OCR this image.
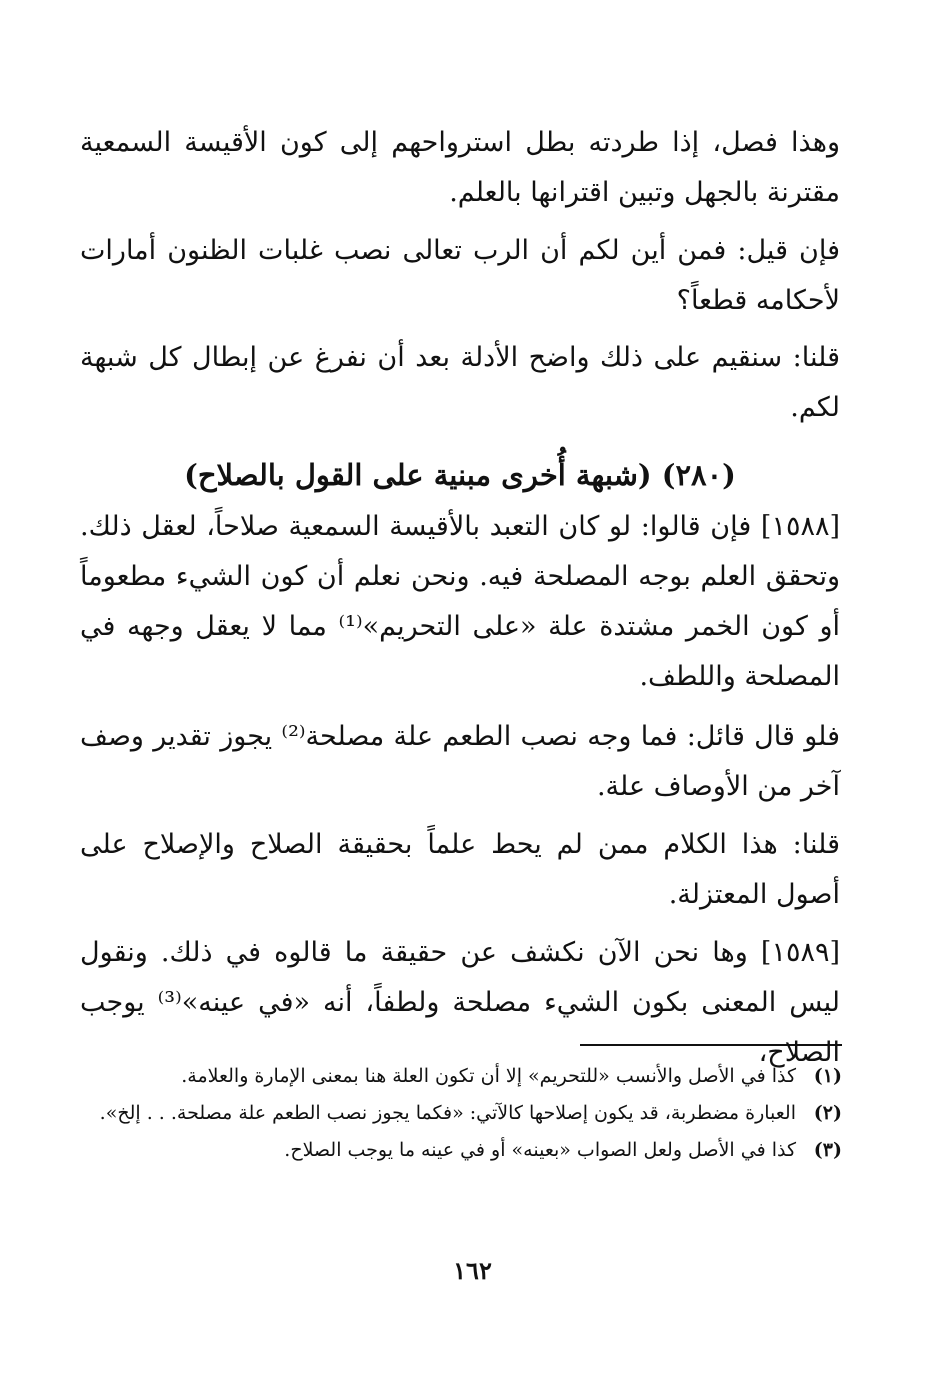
وهذا فصل، إذا طردته بطل استرواحهم إلى كون الأقيسة السمعية مقترنة بالجهل وتبين اقترانها بالعلم.

فإن قيل: فمن أين لكم أن الرب تعالى نصب غلبات الظنون أمارات لأحكامه قطعاً؟

قلنا: سنقيم على ذلك واضح الأدلة بعد أن نفرغ عن إبطال كل شبهة لكم.

(٢٨٠) (شبهة أُخرى مبنية على القول بالصلاح)

[١٥٨٨] فإن قالوا: لو كان التعبد بالأقيسة السمعية صلاحاً، لعقل ذلك. وتحقق العلم بوجه المصلحة فيه. ونحن نعلم أن كون الشيء مطعوماً أو كون الخمر مشتدة علة «على التحريم»⁽¹⁾ مما لا يعقل وجهه في المصلحة واللطف.

فلو قال قائل: فما وجه نصب الطعم علة مصلحة⁽²⁾ يجوز تقدير وصف آخر من الأوصاف علة.

قلنا: هذا الكلام ممن لم يحط علماً بحقيقة الصلاح والإصلاح على أصول المعتزلة.

[١٥٨٩] وها نحن الآن نكشف عن حقيقة ما قالوه في ذلك. ونقول ليس المعنى بكون الشيء مصلحة ولطفاً، أنه «في عينه»⁽³⁾ يوجب الصلاح،

(١)
كذا في الأصل والأنسب «للتحريم» إلا أن تكون العلة هنا بمعنى الإمارة والعلامة.
(٢)
العبارة مضطربة، قد يكون إصلاحها كالآتي: «فكما يجوز نصب الطعم علة مصلحة. . . إلخ».
(٣)
كذا في الأصل ولعل الصواب «بعينه» أو في عينه ما يوجب الصلاح.
١٦٢
